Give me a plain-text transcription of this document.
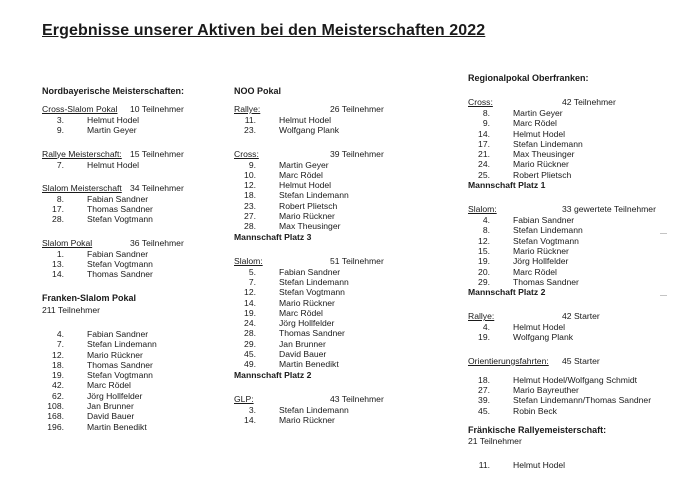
Ergebnisse unserer Aktiven bei den Meisterschaften 2022
Nordbayerische Meisterschaften:
Cross-Slalom Pokal 10 Teilnehmer
3.	Helmut Hodel
9.	Martin Geyer
Rallye Meisterschaft: 15 Teilnehmer
7.	Helmut Hodel
Slalom Meisterschaft 34 Teilnehmer
8.	Fabian Sandner
17.	Thomas Sandner
28.	Stefan Vogtmann
Slalom Pokal	36 Teilnehmer
1.	Fabian Sandner
13.	Stefan Vogtmann
14.	Thomas Sandner
Franken-Slalom Pokal
211 Teilnehmer
4.	Fabian Sandner
7.	Stefan Lindemann
12.	Mario Rückner
18.	Thomas Sandner
19.	Stefan Vogtmann
42.	Marc Rödel
62.	Jörg Hollfelder
108.	Jan Brunner
168.	David Bauer
196.	Martin Benedikt
NOO Pokal
Rallye:	26 Teilnehmer
11.	Helmut Hodel
23.	Wolfgang Plank
Cross:	39 Teilnehmer
9.	Martin Geyer
10.	Marc Rödel
12.	Helmut Hodel
18.	Stefan Lindemann
23.	Robert Plietsch
27.	Mario Rückner
28.	Max Theusinger
Mannschaft Platz 3
Slalom:	51 Teilnehmer
5.	Fabian Sandner
7.	Stefan Lindemann
12.	Stefan Vogtmann
14.	Mario Rückner
19.	Marc Rödel
24.	Jörg Hollfelder
28.	Thomas Sandner
29.	Jan Brunner
45.	David Bauer
49.	Martin Benedikt
Mannschaft Platz 2
GLP:	43 Teilnehmer
3.	Stefan Lindemann
14.	Mario Rückner
Regionalpokal Oberfranken:
Cross:	42 Teilnehmer
8.	Martin Geyer
9.	Marc Rödel
14.	Helmut Hodel
17.	Stefan Lindemann
21.	Max Theusinger
24.	Mario Rückner
25.	Robert Plietsch
Mannschaft Platz 1
Slalom:	33 gewertete Teilnehmer
4.	Fabian Sandner
8.	Stefan Lindemann
12.	Stefan Vogtmann
15.	Mario Rückner
19.	Jörg Hollfelder
20.	Marc Rödel
29.	Thomas Sandner
Mannschaft Platz 2
Rallye:	42 Starter
4.	Helmut Hodel
19.	Wolfgang Plank
Orientierungsfahrten: 45 Starter
18.	Helmut Hodel/Wolfgang Schmidt
27.	Mario Bayreuther
39.	Stefan Lindemann/Thomas Sandner
45.	Robin Beck
Fränkische Rallyemeisterschaft:
21 Teilnehmer
11.	Helmut Hodel
—
—
